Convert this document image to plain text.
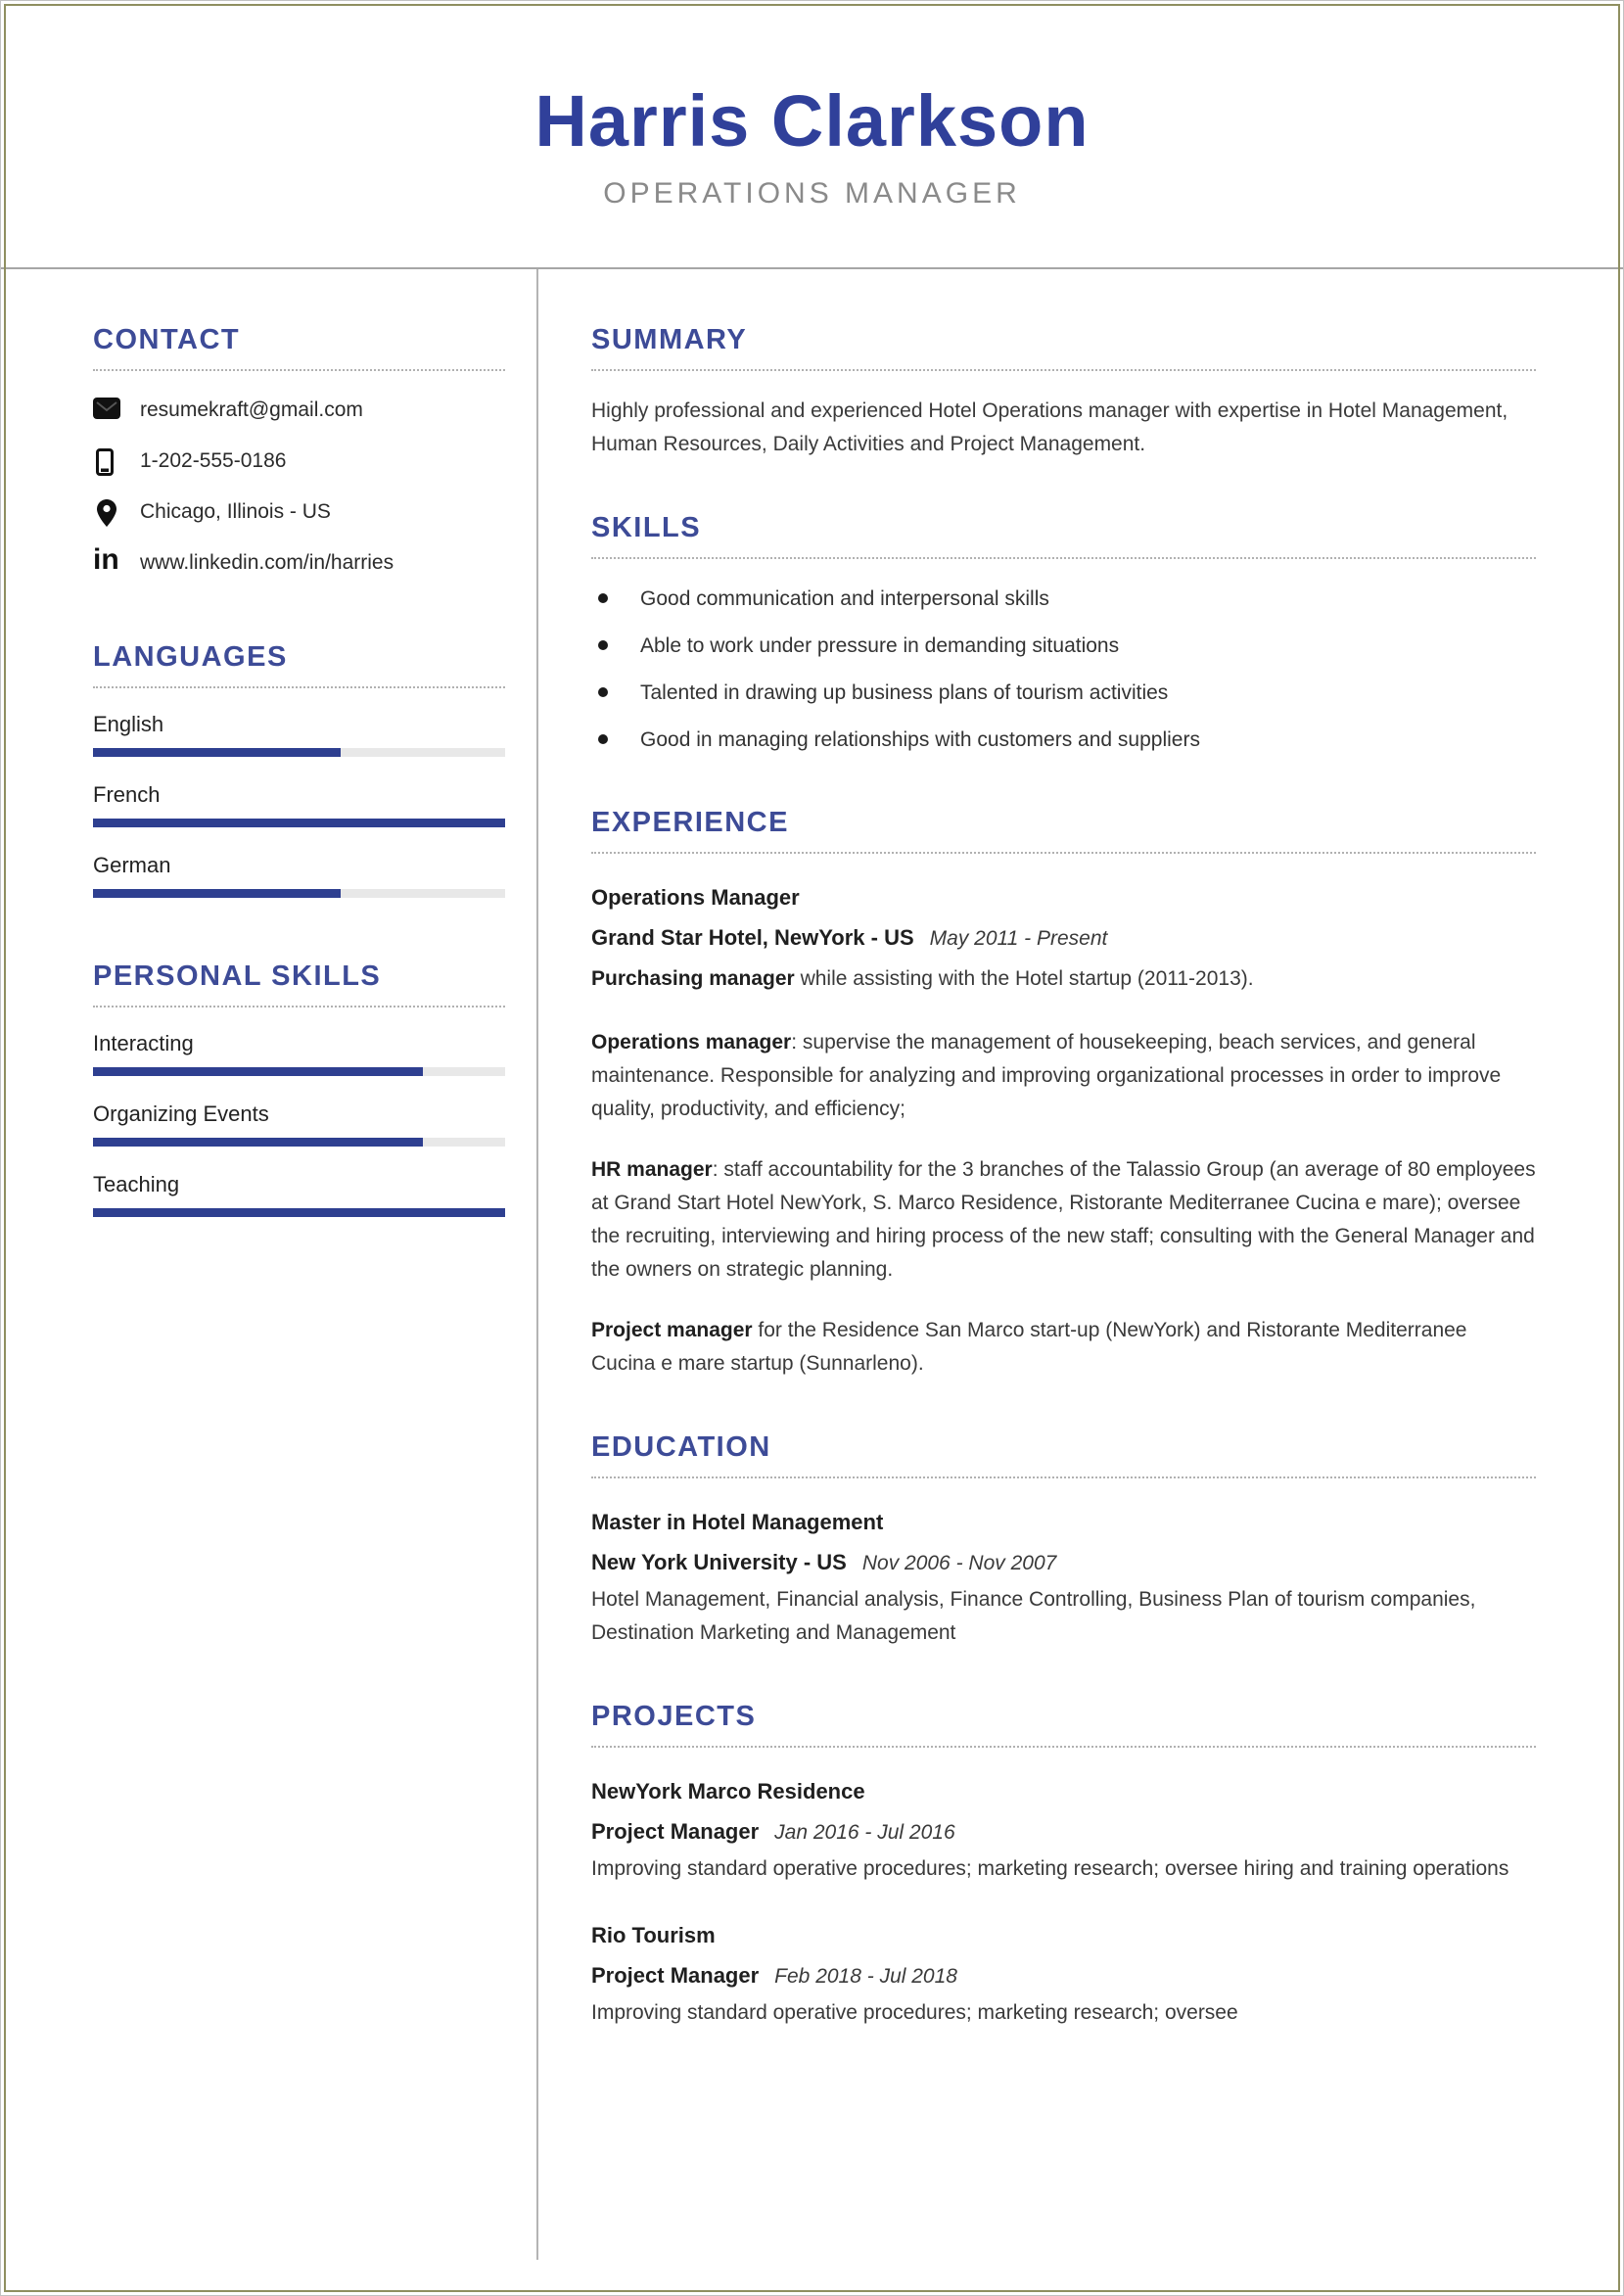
Harris Clarkson
OPERATIONS MANAGER
CONTACT
resumekraft@gmail.com
1-202-555-0186
Chicago, Illinois - US
in	www.linkedin.com/in/harries
LANGUAGES
English
French
German
PERSONAL SKILLS
Interacting
Organizing Events
Teaching
SUMMARY
Highly professional and experienced Hotel Operations manager with expertise in Hotel Management, Human Resources, Daily Activities and Project Management.
SKILLS
Good communication and interpersonal skills
Able to work under pressure in demanding situations
Talented in drawing up business plans of tourism activities
Good in managing relationships with customers and suppliers
EXPERIENCE
Operations Manager
Grand Star Hotel, NewYork - US May 2011 - Present
Purchasing manager while assisting with the Hotel startup (2011-2013).
Operations manager: supervise the management of housekeeping, beach services, and general maintenance. Responsible for analyzing and improving organizational processes in order to improve quality, productivity, and efficiency;
HR manager: staff accountability for the 3 branches of the Talassio Group (an average of 80 employees at Grand Start Hotel NewYork, S. Marco Residence, Ristorante Mediterranee Cucina e mare); oversee the recruiting, interviewing and hiring process of the new staff; consulting with the General Manager and the owners on strategic planning.
Project manager for the Residence San Marco start-up (NewYork) and Ristorante Mediterranee Cucina e mare startup (Sunnarleno).
EDUCATION
Master in Hotel Management
New York University - US Nov 2006 - Nov 2007
Hotel Management, Financial analysis, Finance Controlling, Business Plan of tourism companies, Destination Marketing and Management
PROJECTS
NewYork Marco Residence
Project Manager Jan 2016 - Jul 2016
Improving standard operative procedures; marketing research; oversee hiring and training operations
Rio Tourism
Project Manager Feb 2018 - Jul 2018
Improving standard operative procedures; marketing research; oversee
